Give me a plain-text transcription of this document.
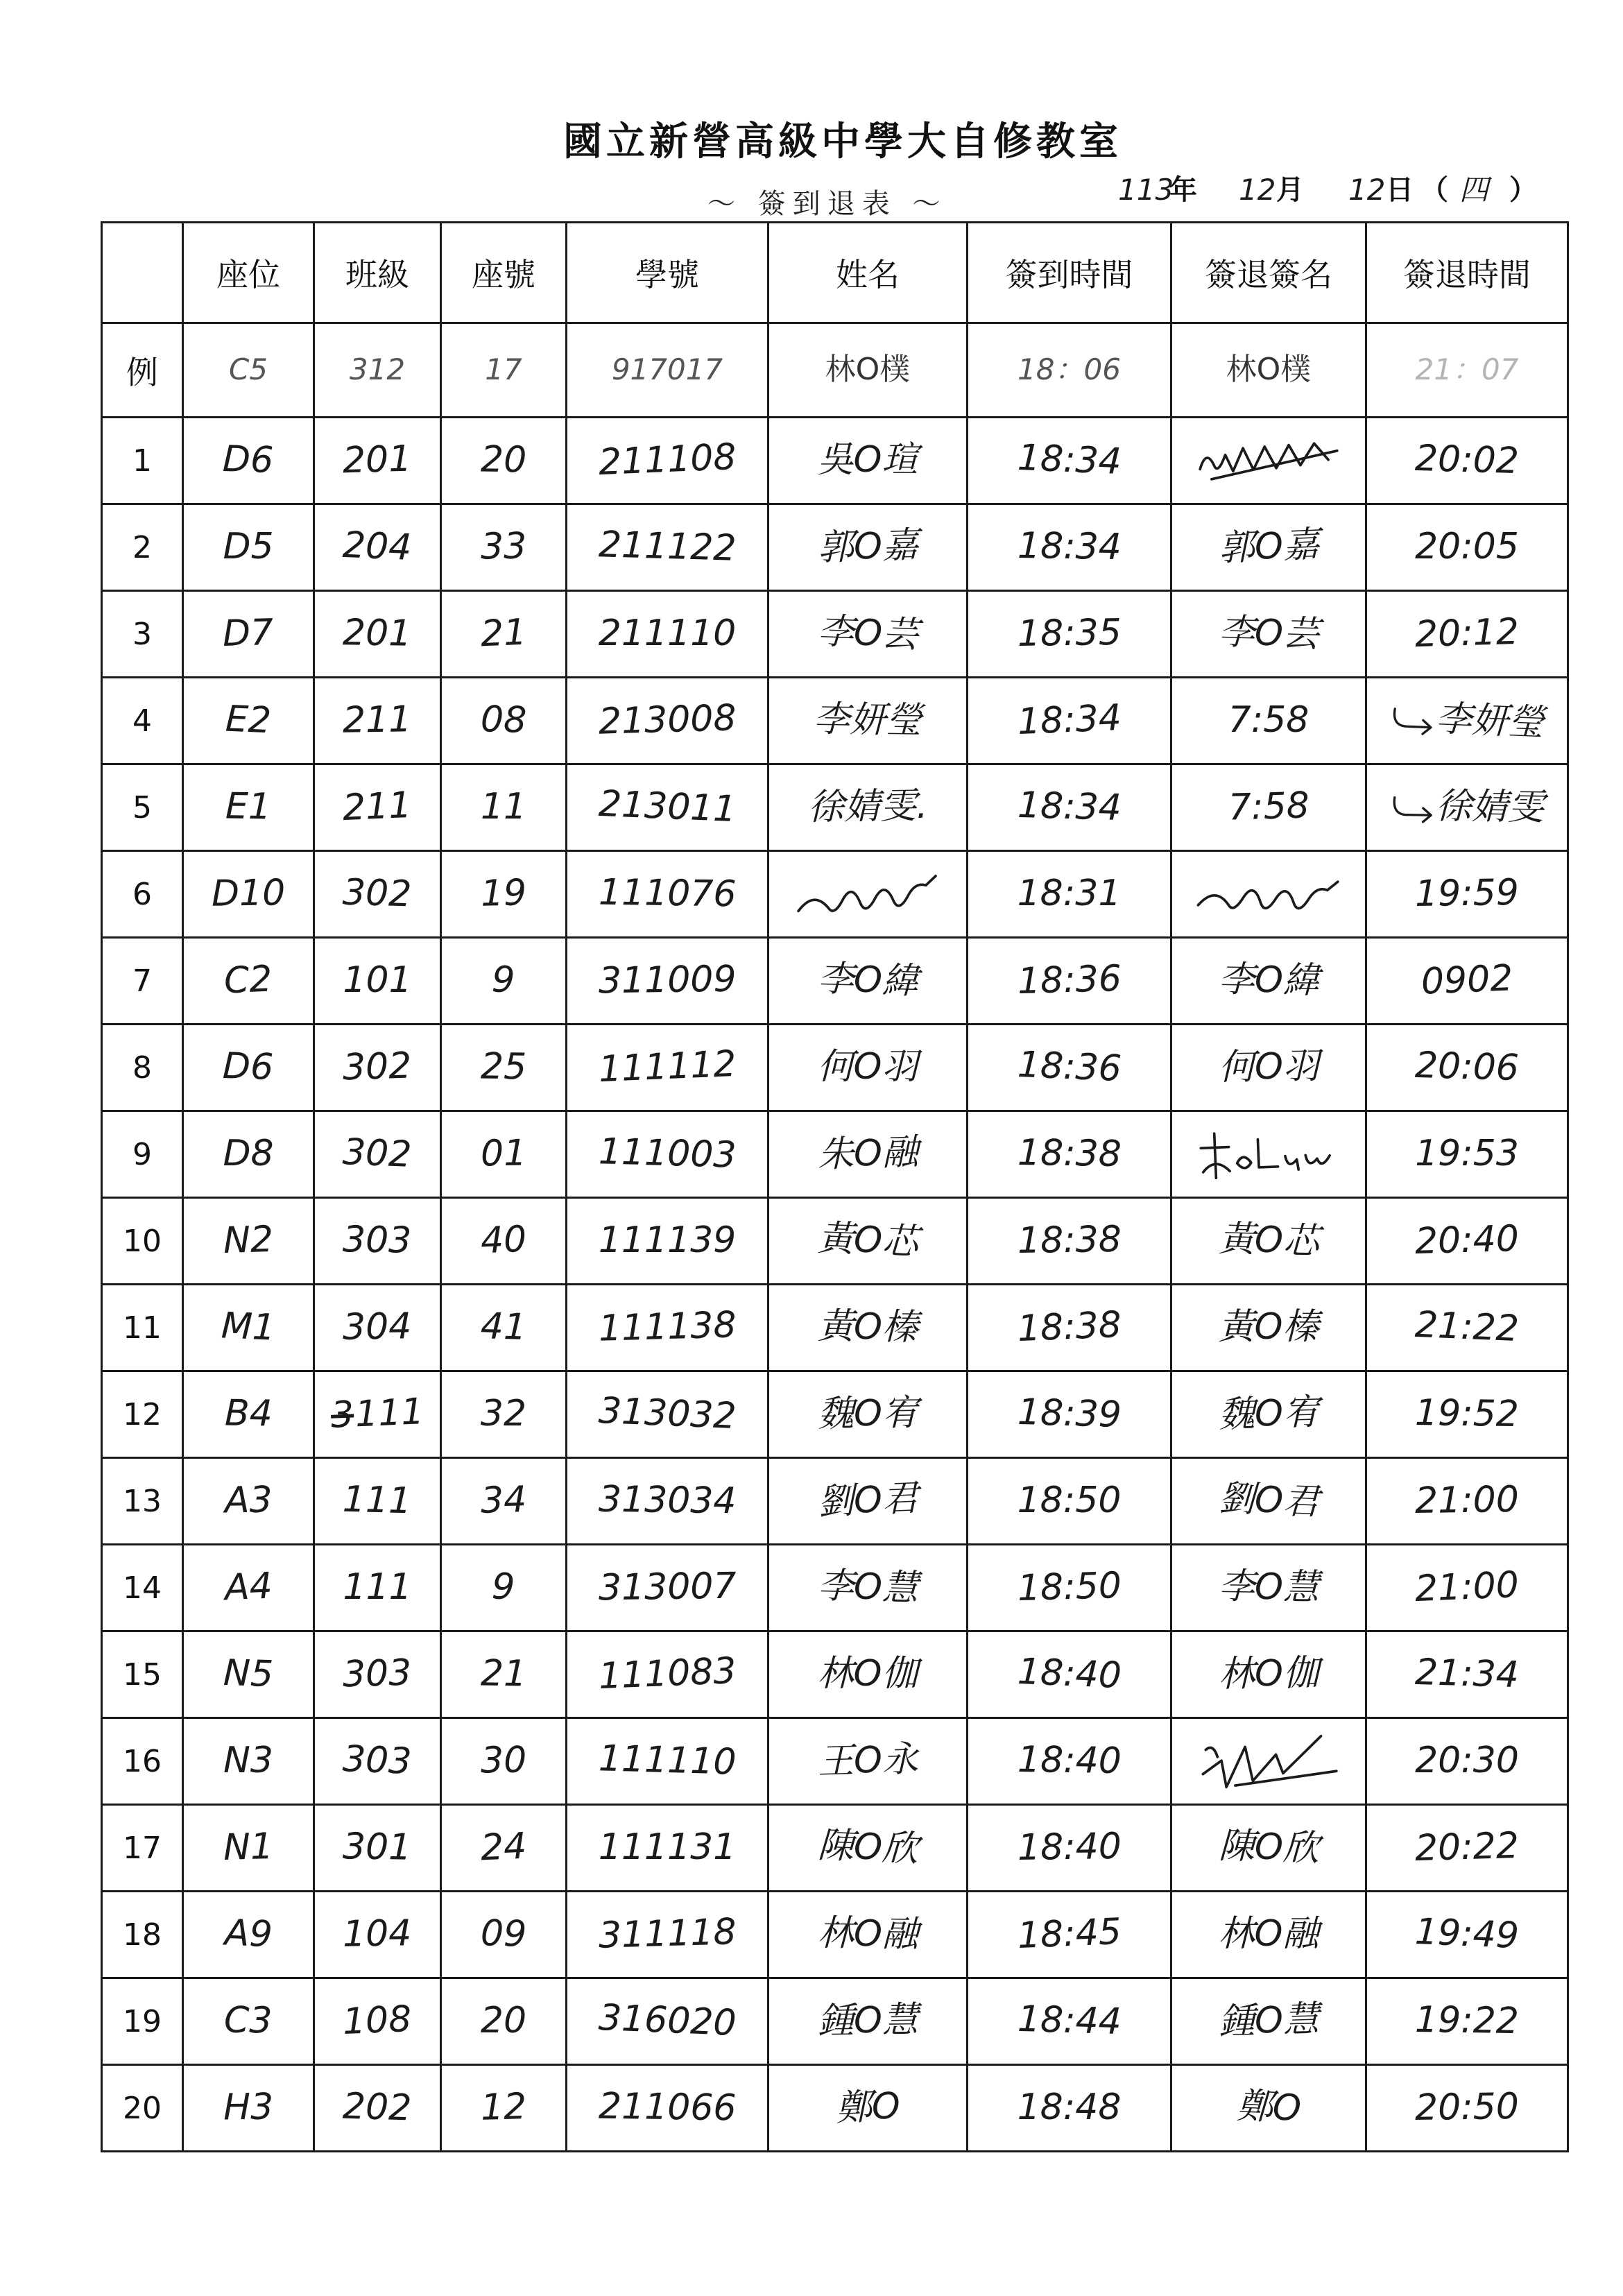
國立新營高級中學大自修教室
～ 簽到退表 ～	113
年 12 月 12 日 （ 四 ）
	座位	班級	座號	學號	姓名	簽到時間	簽退簽名	簽退時間
例	C5	312	17	917017	林O樸	18：06	林O樸	21：07
1	D6	201	20	211108	吳O瑄	18:34		20:02
2	D5	204	33	211122	郭O嘉	18:34	郭O嘉	20:05
3	D7	201	21	211110	李O芸	18:35	李O芸	20:12
4	E2	211	08	213008	李妍瑩	18:34	7:58	李妍瑩
5	E1	211	11	213011	徐婧雯.	18:34	7:58	徐婧雯
6	D10	302	19	111076		18:31		19:59
7	C2	101	9	311009	李O緯	18:36	李O緯	0902
8	D6	302	25	111112	何O羽	18:36	何O羽	20:06
9	D8	302	01	111003	朱O融	18:38		19:53
10	N2	303	40	111139	黃O芯	18:38	黃O芯	20:40
11	M1	304	41	111138	黃O榛	18:38	黃O榛	21:22
12	B4	3111	32	313032	魏O宥	18:39	魏O宥	19:52
13	A3	111	34	313034	劉O君	18:50	劉O君	21:00
14	A4	111	9	313007	李O慧	18:50	李O慧	21:00
15	N5	303	21	111083	林O伽	18:40	林O伽	21:34
16	N3	303	30	111110	王O永	18:40		20:30
17	N1	301	24	111131	陳O欣	18:40	陳O欣	20:22
18	A9	104	09	311118	林O融	18:45	林O融	19:49
19	C3	108	20	316020	鍾O慧	18:44	鍾O慧	19:22
20	H3	202	12	211066	鄭O	18:48	鄭O	20:50
